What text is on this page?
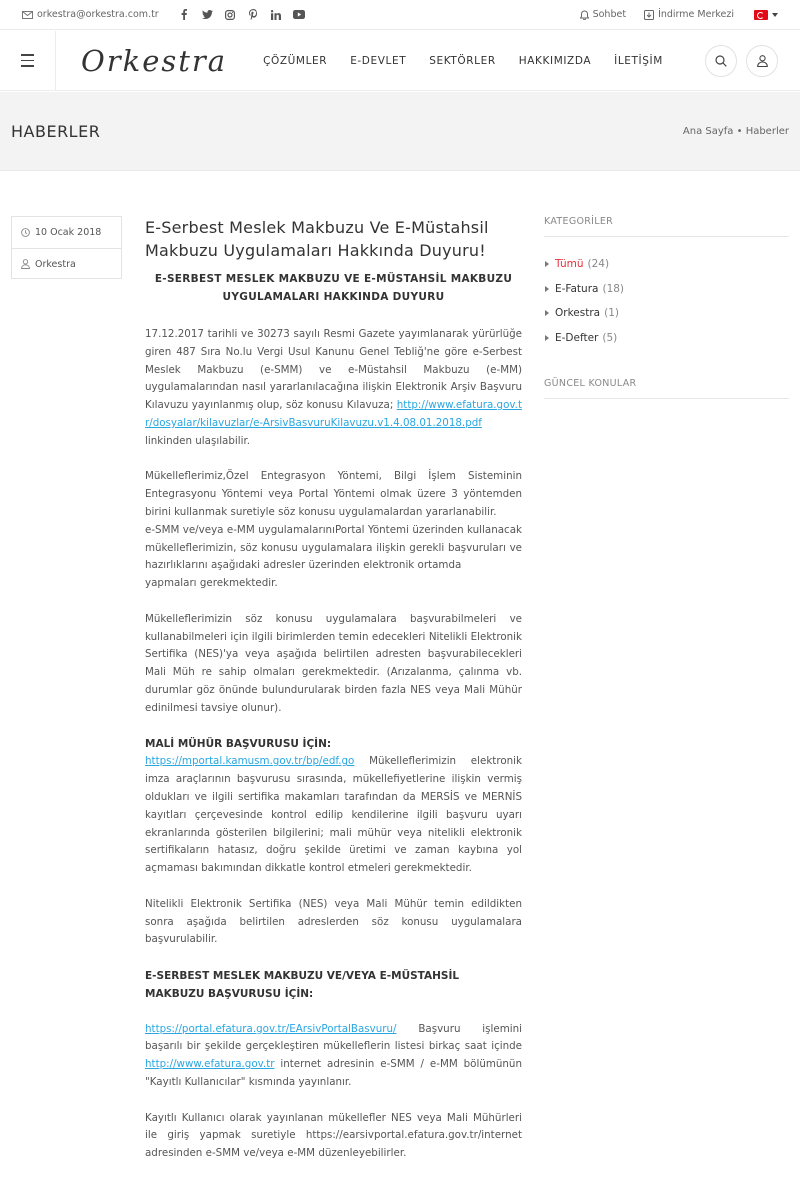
orkestra@orkestra.com.tr	Sohbet	İndirme Merkezi
Orkestra	ÇÖZÜMLER E-DEVLET SEKTÖRLER HAKKIMIZDA İLETİŞİM
HABERLER	Ana Sayfa • Haberler
10 Ocak 2018
Orkestra
E-Serbest Meslek Makbuzu Ve E-Müstahsil Makbuzu Uygulamaları Hakkında Duyuru!
E-SERBEST MESLEK MAKBUZU VE E-MÜSTAHSİL MAKBUZU UYGULAMALARI HAKKINDA DUYURU

17.12.2017 tarihli ve 30273 sayılı Resmi Gazete yayımlanarak yürürlüğe giren 487 Sıra No.lu Vergi Usul Kanunu Genel Tebliğ'ne göre e-Serbest Meslek Makbuzu (e-SMM) ve e-Müstahsil Makbuzu (e-MM) uygulamalarından nasıl yararlanılacağına ilişkin Elektronik Arşiv Başvuru Kılavuzu yayınlanmış olup, söz konusu Kılavuza; http://www.efatura.gov.tr/dosyalar/kilavuzlar/e-ArsivBasvuruKilavuzu.v1.4.08.01.2018.pdf linkinden ulaşılabilir.

Mükelleflerimiz,Özel Entegrasyon Yöntemi, Bilgi İşlem Sisteminin Entegrasyonu Yöntemi veya Portal Yöntemi olmak üzere 3 yöntemden birini kullanmak suretiyle söz konusu uygulamalardan yararlanabilir.

e-SMM ve/veya e-MM uygulamalarınıPortal Yöntemi üzerinden kullanacak mükelleflerimizin, söz konusu uygulamalara ilişkin gerekli başvuruları ve hazırlıklarını aşağıdaki adresler üzerinden elektronik ortamda

yapmaları gerekmektedir.

Mükelleflerimizin söz konusu uygulamalara başvurabilmeleri ve kullanabilmeleri için ilgili birimlerden temin edecekleri Nitelikli Elektronik Sertifika (NES)'ya veya aşağıda belirtilen adresten başvurabilecekleri Mali Müh re sahip olmaları gerekmektedir. (Arızalanma, çalınma vb. durumlar göz önünde bulundurularak birden fazla NES veya Mali Mühür edinilmesi tavsiye olunur).

MALİ MÜHÜR BAŞVURUSU İÇİN:

https://mportal.kamusm.gov.tr/bp/edf.go Mükelleflerimizin elektronik imza araçlarının başvurusu sırasında, mükellefiyetlerine ilişkin vermiş oldukları ve ilgili sertifika makamları tarafından da MERSİS ve MERNİS kayıtları çerçevesinde kontrol edilip kendilerine ilgili başvuru uyarı ekranlarında gösterilen bilgilerini; mali mühür veya nitelikli elektronik sertifikaların hatasız, doğru şekilde üretimi ve zaman kaybına yol açmaması bakımından dikkatle kontrol etmeleri gerekmektedir.

Nitelikli Elektronik Sertifika (NES) veya Mali Mühür temin edildikten sonra aşağıda belirtilen adreslerden söz konusu uygulamalara başvurulabilir.

E-SERBEST MESLEK MAKBUZU VE/VEYA E-MÜSTAHSİL MAKBUZU BAŞVURUSU İÇİN:

https://portal.efatura.gov.tr/EArsivPortalBasvuru/ Başvuru işlemini başarılı bir şekilde gerçekleştiren mükelleflerin listesi birkaç saat içinde http://www.efatura.gov.tr internet adresinin e-SMM / e-MM bölümünün "Kayıtlı Kullanıcılar" kısmında yayınlanır.

Kayıtlı Kullanıcı olarak yayınlanan mükellefler NES veya Mali Mühürleri ile giriş yapmak suretiyle https://earsivportal.efatura.gov.tr/internet adresinden e-SMM ve/veya e-MM düzenleyebilirler.

KATEGORİLER
Tümü (24)
E-Fatura (18)
Orkestra (1)
E-Defter (5)
GÜNCEL KONULAR
